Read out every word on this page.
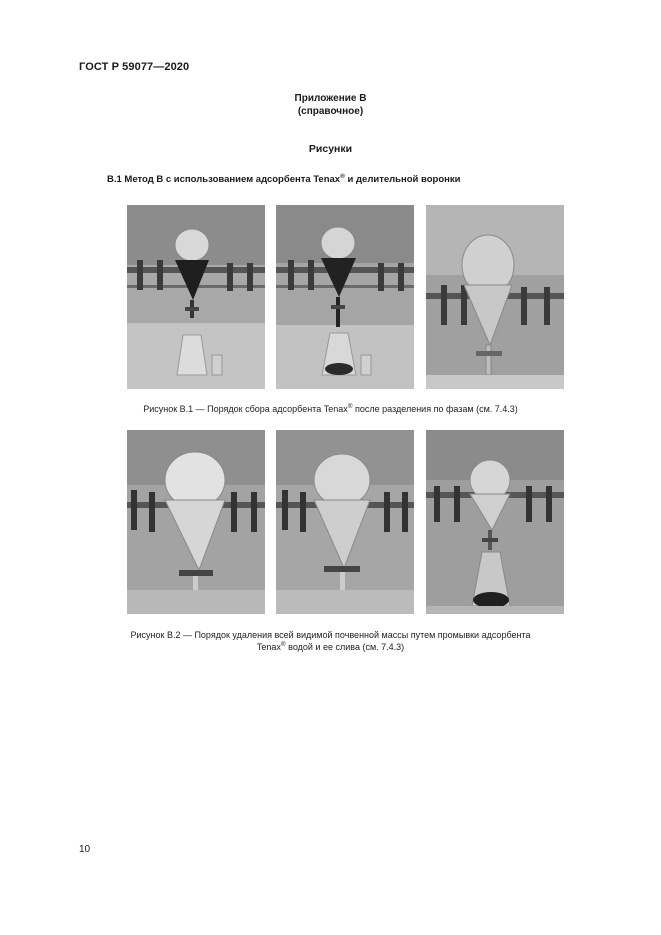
ГОСТ Р 59077—2020
Приложение В
(справочное)
Рисунки
В.1 Метод В с использованием адсорбента Tenax® и делительной воронки
Рисунок В.1 — Порядок сбора адсорбента Tenax® после разделения по фазам (см. 7.4.3)
Рисунок В.2 — Порядок удаления всей видимой почвенной массы путем промывки адсорбента
Tenax® водой и ее слива (см. 7.4.3)
10
